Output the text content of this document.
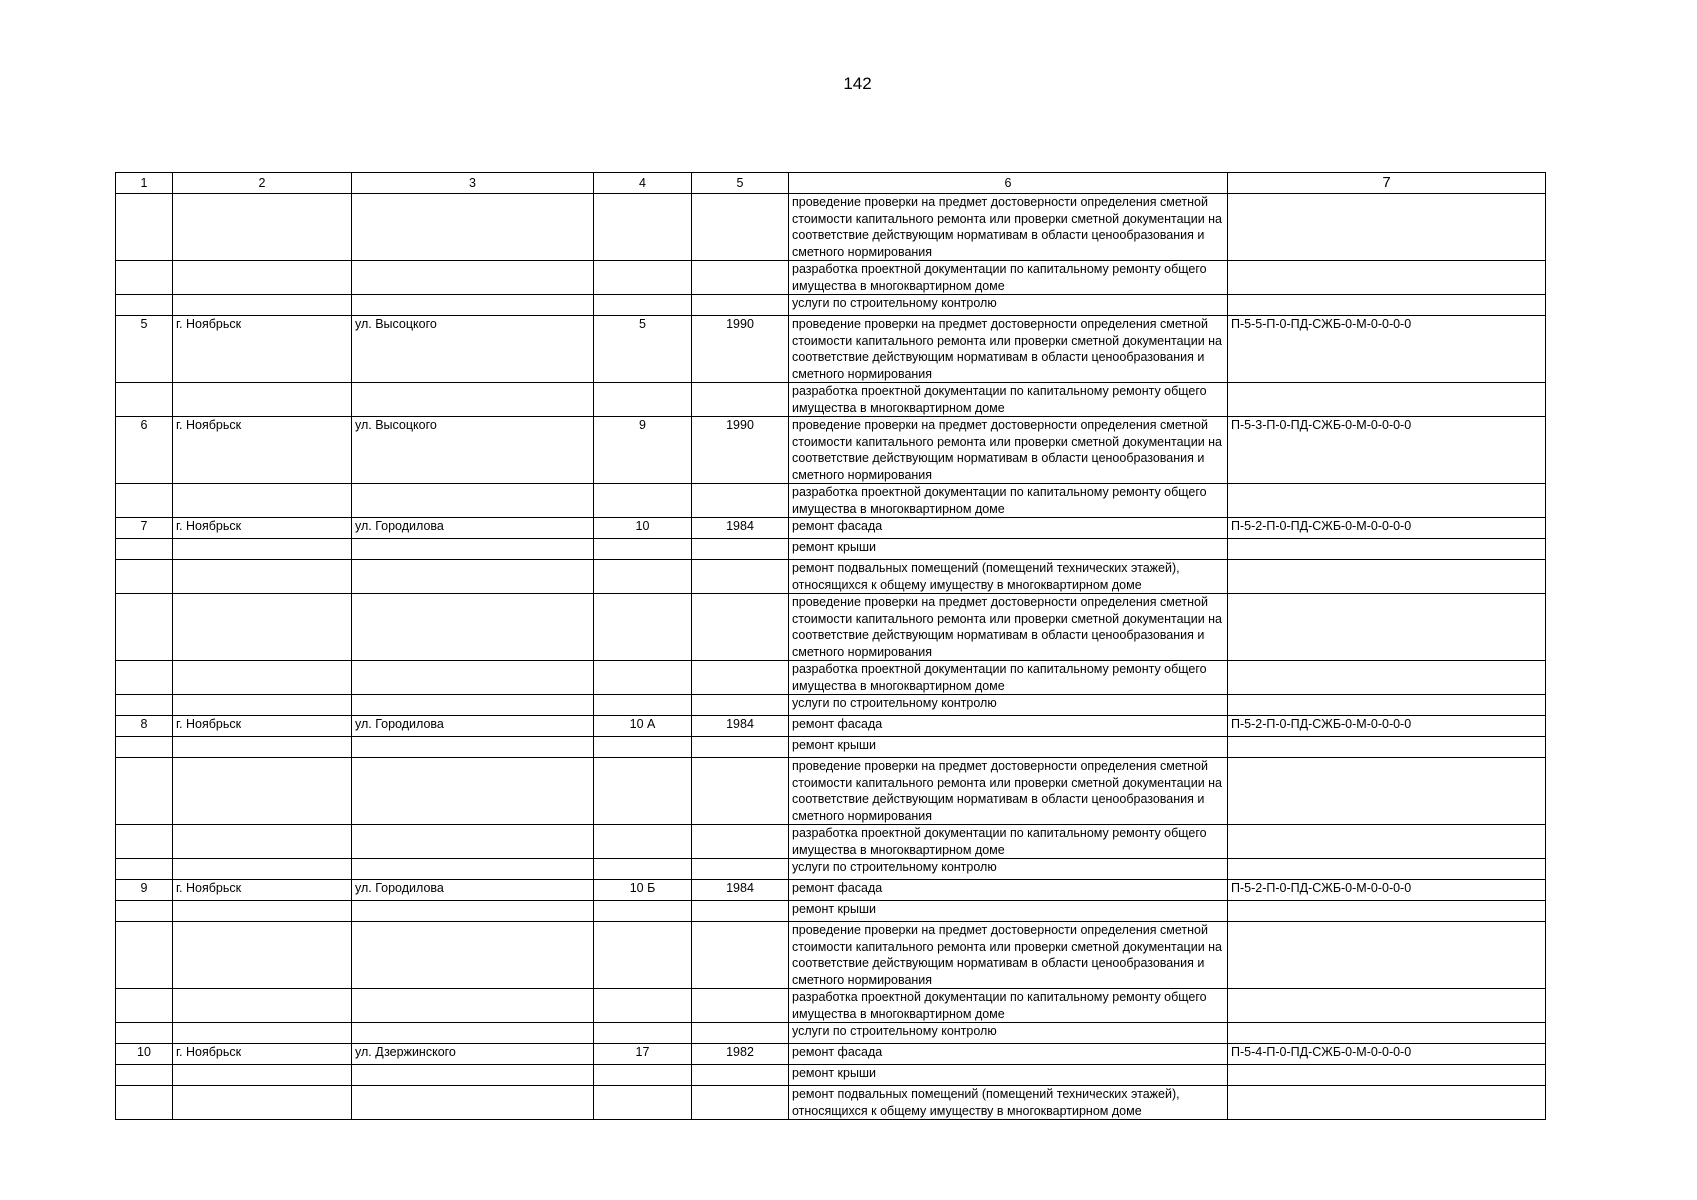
142
1	2	3	4	5	6	7
					проведение проверки на предмет достоверности определения сметной стоимости капитального ремонта или проверки сметной документации на соответствие действующим нормативам в области ценообразования и сметного нормирования	
					разработка проектной документации по капитальному ремонту общего имущества в многоквартирном доме	
					услуги по строительному контролю	
5	г. Ноябрьск	ул. Высоцкого	5	1990	проведение проверки на предмет достоверности определения сметной стоимости капитального ремонта или проверки сметной документации на соответствие действующим нормативам в области ценообразования и сметного нормирования	П-5-5-П-0-ПД-СЖБ-0-М-0-0-0-0
					разработка проектной документации по капитальному ремонту общего имущества в многоквартирном доме	
6	г. Ноябрьск	ул. Высоцкого	9	1990	проведение проверки на предмет достоверности определения сметной стоимости капитального ремонта или проверки сметной документации на соответствие действующим нормативам в области ценообразования и сметного нормирования	П-5-3-П-0-ПД-СЖБ-0-М-0-0-0-0
					разработка проектной документации по капитальному ремонту общего имущества в многоквартирном доме	
7	г. Ноябрьск	ул. Городилова	10	1984	ремонт фасада	П-5-2-П-0-ПД-СЖБ-0-М-0-0-0-0
					ремонт крыши	
					ремонт подвальных помещений (помещений технических этажей), относящихся к общему имуществу в многоквартирном доме	
					проведение проверки на предмет достоверности определения сметной стоимости капитального ремонта или проверки сметной документации на соответствие действующим нормативам в области ценообразования и сметного нормирования	
					разработка проектной документации по капитальному ремонту общего имущества в многоквартирном доме	
					услуги по строительному контролю	
8	г. Ноябрьск	ул. Городилова	10 А	1984	ремонт фасада	П-5-2-П-0-ПД-СЖБ-0-М-0-0-0-0
					ремонт крыши	
					проведение проверки на предмет достоверности определения сметной стоимости капитального ремонта или проверки сметной документации на соответствие действующим нормативам в области ценообразования и сметного нормирования	
					разработка проектной документации по капитальному ремонту общего имущества в многоквартирном доме	
					услуги по строительному контролю	
9	г. Ноябрьск	ул. Городилова	10 Б	1984	ремонт фасада	П-5-2-П-0-ПД-СЖБ-0-М-0-0-0-0
					ремонт крыши	
					проведение проверки на предмет достоверности определения сметной стоимости капитального ремонта или проверки сметной документации на соответствие действующим нормативам в области ценообразования и сметного нормирования	
					разработка проектной документации по капитальному ремонту общего имущества в многоквартирном доме	
					услуги по строительному контролю	
10	г. Ноябрьск	ул. Дзержинского	17	1982	ремонт фасада	П-5-4-П-0-ПД-СЖБ-0-М-0-0-0-0
					ремонт крыши	
					ремонт подвальных помещений (помещений технических этажей), относящихся к общему имуществу в многоквартирном доме	
